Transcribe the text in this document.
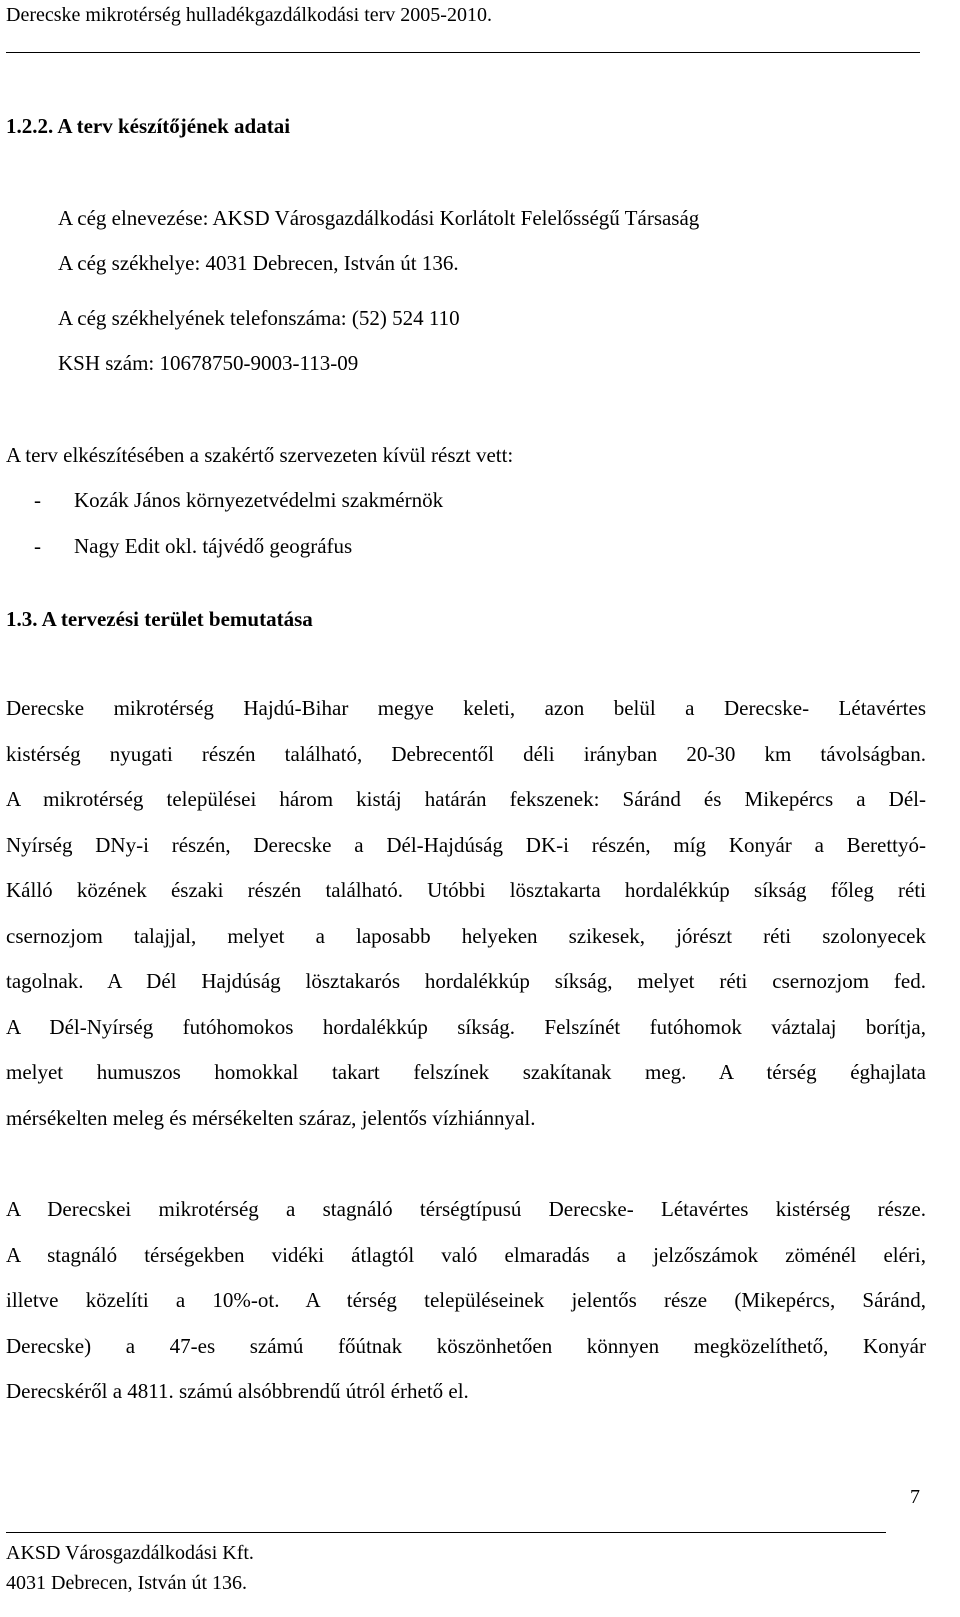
Derecske mikrotérség hulladékgazdálkodási terv 2005-2010.
1.2.2. A terv készítőjének adatai
A cég elnevezése: AKSD Városgazdálkodási Korlátolt Felelősségű Társaság
A cég székhelye: 4031 Debrecen, István út 136.
A cég székhelyének telefonszáma: (52) 524 110
KSH szám: 10678750-9003-113-09
A terv elkészítésében a szakértő szervezeten kívül részt vett:
- Kozák János környezetvédelmi szakmérnök
- Nagy Edit okl. tájvédő geográfus
1.3. A tervezési terület bemutatása
Derecske mikrotérség Hajdú-Bihar megye keleti, azon belül a Derecske- Létavértes
kistérség nyugati részén található, Debrecentől déli irányban 20-30 km távolságban.
A mikrotérség települései három kistáj határán fekszenek: Sáránd és Mikepércs a Dél-
Nyírség DNy-i részén, Derecske a Dél-Hajdúság DK-i részén, míg Konyár a Berettyó-
Kálló közének északi részén található. Utóbbi lösztakarta hordalékkúp síkság főleg réti
csernozjom talajjal, melyet a laposabb helyeken szikesek, jórészt réti szolonyecek
tagolnak. A Dél Hajdúság lösztakarós hordalékkúp síkság, melyet réti csernozjom fed.
A Dél-Nyírség futóhomokos hordalékkúp síkság. Felszínét futóhomok váztalaj borítja,
melyet humuszos homokkal takart felszínek szakítanak meg. A térség éghajlata
mérsékelten meleg és mérsékelten száraz, jelentős vízhiánnyal.
A Derecskei mikrotérség a stagnáló térségtípusú Derecske- Létavértes kistérség része.
A stagnáló térségekben vidéki átlagtól való elmaradás a jelzőszámok zöménél eléri,
illetve közelíti a 10%-ot. A térség településeinek jelentős része (Mikepércs, Sáránd,
Derecske) a 47-es számú főútnak köszönhetően könnyen megközelíthető, Konyár
Derecskéről a 4811. számú alsóbbrendű útról érhető el.
7
AKSD Városgazdálkodási Kft.
4031 Debrecen, István út 136.
